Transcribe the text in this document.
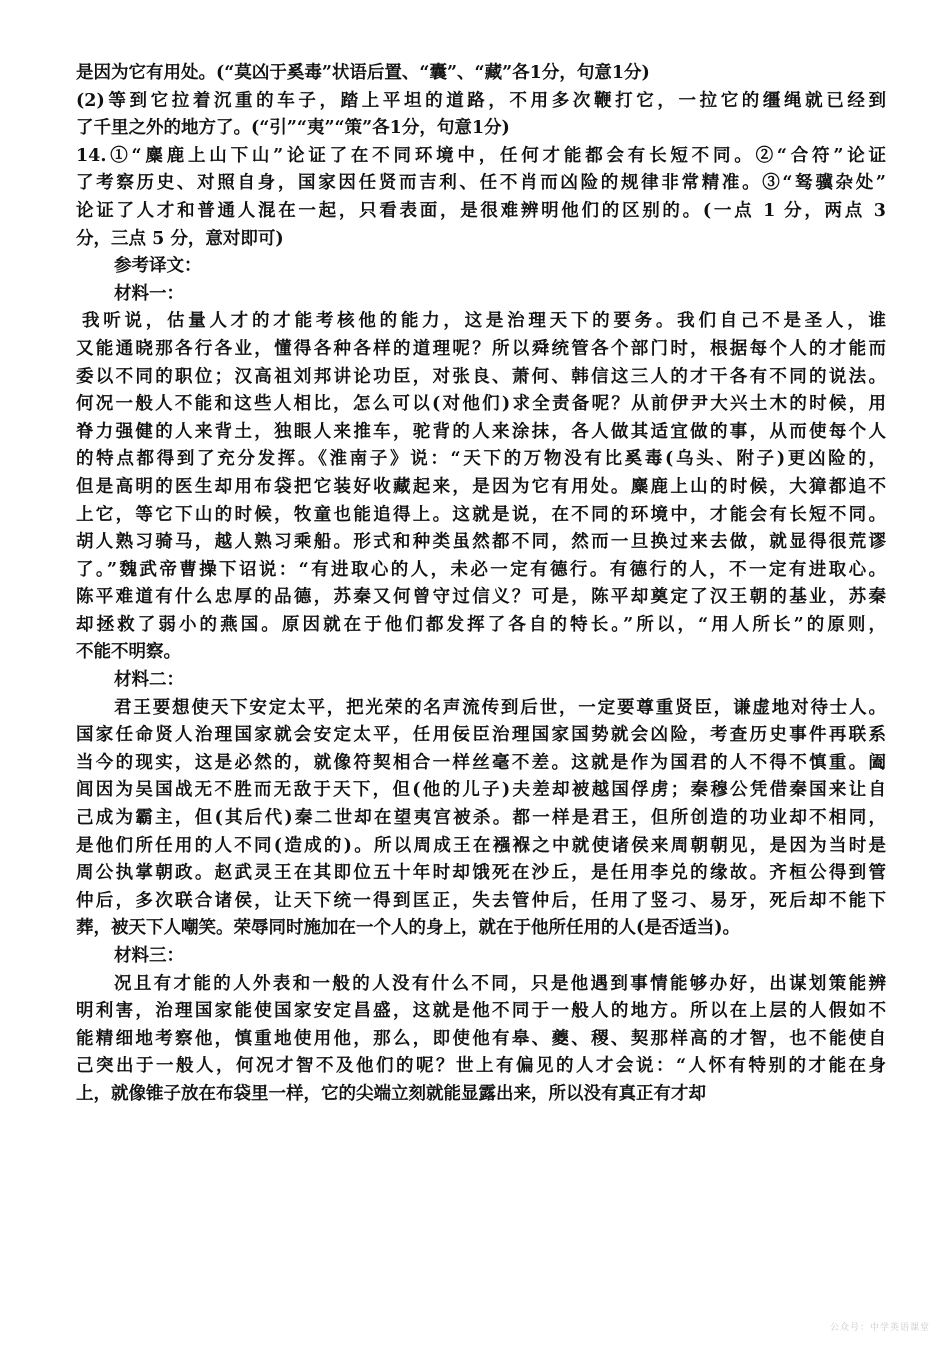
是因为它有用处。(“莫凶于奚毒”状语后置、“囊”、“藏”各1分，句意1分)
(2)等到它拉着沉重的车子，踏上平坦的道路，不用多次鞭打它，一拉它的缰绳就已经到
了千里之外的地方了。(“引”“夷”“策”各1分，句意1分)
14.①“麋鹿上山下山”论证了在不同环境中，任何才能都会有长短不同。②“合符”论证
了考察历史、对照自身，国家因任贤而吉利、任不肖而凶险的规律非常精准。③“驽骥杂处”
论证了人才和普通人混在一起，只看表面，是很难辨明他们的区别的。(一点 1 分，两点 3
分，三点 5 分，意对即可)
参考译文：
材料一：
我听说，估量人才的才能考核他的能力，这是治理天下的要务。我们自己不是圣人，谁
又能通晓那各行各业，懂得各种各样的道理呢？所以舜统管各个部门时，根据每个人的才能而
委以不同的职位；汉高祖刘邦讲论功臣，对张良、萧何、韩信这三人的才干各有不同的说法。
何况一般人不能和这些人相比，怎么可以(对他们)求全责备呢？从前伊尹大兴土木的时候，用
脊力强健的人来背土，独眼人来推车，驼背的人来涂抹，各人做其适宜做的事，从而使每个人
的特点都得到了充分发挥。《淮南子》说：“天下的万物没有比奚毒(乌头、附子)更凶险的，
但是高明的医生却用布袋把它装好收藏起来，是因为它有用处。麋鹿上山的时候，大獐都追不
上它，等它下山的时候，牧童也能追得上。这就是说，在不同的环境中，才能会有长短不同。
胡人熟习骑马，越人熟习乘船。形式和种类虽然都不同，然而一旦换过来去做，就显得很荒谬
了。”魏武帝曹操下诏说：“有进取心的人，未必一定有德行。有德行的人，不一定有进取心。
陈平难道有什么忠厚的品德，苏秦又何曾守过信义？可是，陈平却奠定了汉王朝的基业，苏秦
却拯救了弱小的燕国。原因就在于他们都发挥了各自的特长。”所以，“用人所长”的原则，
不能不明察。
材料二：
君王要想使天下安定太平，把光荣的名声流传到后世，一定要尊重贤臣，谦虚地对待士人。
国家任命贤人治理国家就会安定太平，任用佞臣治理国家国势就会凶险，考查历史事件再联系
当今的现实，这是必然的，就像符契相合一样丝毫不差。这就是作为国君的人不得不慎重。阖
闾因为吴国战无不胜而无敌于天下，但(他的儿子)夫差却被越国俘虏；秦穆公凭借秦国来让自
己成为霸主，但(其后代)秦二世却在望夷宫被杀。都一样是君王，但所创造的功业却不相同，
是他们所任用的人不同(造成的)。所以周成王在襁褓之中就使诸侯来周朝朝见，是因为当时是
周公执掌朝政。赵武灵王在其即位五十年时却饿死在沙丘，是任用李兑的缘故。齐桓公得到管
仲后，多次联合诸侯，让天下统一得到匡正，失去管仲后，任用了竖刁、易牙，死后却不能下
葬，被天下人嘲笑。荣辱同时施加在一个人的身上，就在于他所任用的人(是否适当)。
材料三：
况且有才能的人外表和一般的人没有什么不同，只是他遇到事情能够办好，出谋划策能辨
明利害，治理国家能使国家安定昌盛，这就是他不同于一般人的地方。所以在上层的人假如不
能精细地考察他，慎重地使用他，那么，即使他有皋、夔、稷、契那样高的才智，也不能使自
己突出于一般人，何况才智不及他们的呢？世上有偏见的人才会说：“人怀有特别的才能在身
上，就像锥子放在布袋里一样，它的尖端立刻就能显露出来，所以没有真正有才却
公众号：中学英语课堂
